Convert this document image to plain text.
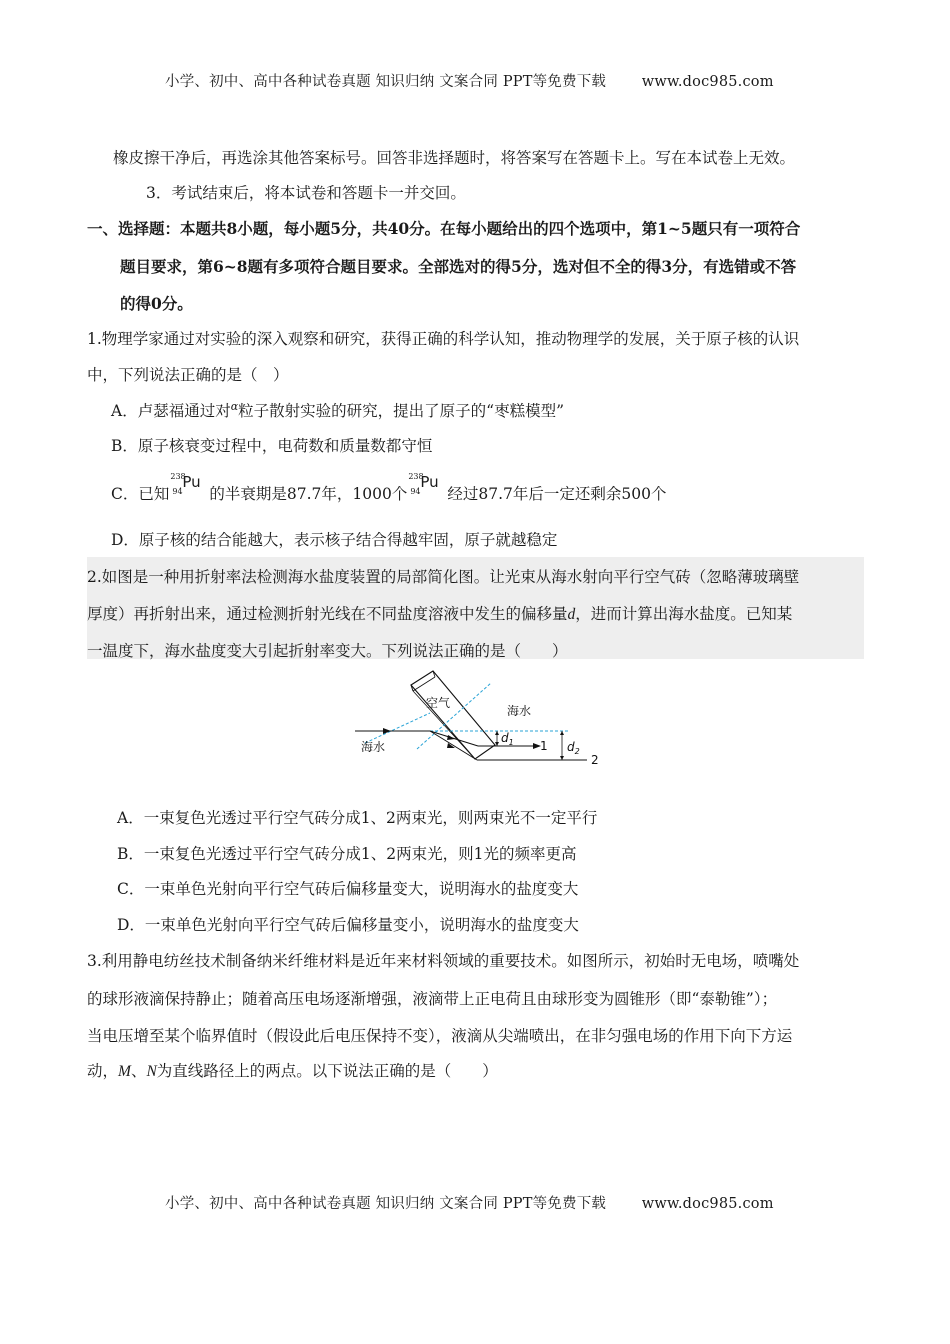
小学、初中、高中各种试卷真题 知识归纳 文案合同 PPT等免费下载 www.doc985.com
橡皮擦干净后，再选涂其他答案标号。回答非选择题时，将答案写在答题卡上。写在本试卷上无效。
3．考试结束后，将本试卷和答题卡一并交回。
一、选择题：本题共8小题，每小题5分，共40分。在每小题给出的四个选项中，第1~5题只有一项符合
题目要求，第6~8题有多项符合题目要求。全部选对的得5分，选对但不全的得3分，有选错或不答
的得0分。
1.物理学家通过对实验的深入观察和研究，获得正确的科学认知，推动物理学的发展，关于原子核的认识
中，下列说法正确的是（　）
A．卢瑟福通过对$^\alpha$粒子散射实验的研究，提出了原子的“枣糕模型”
B．原子核衰变过程中，电荷数和质量数都守恒
C．已知
238
94
Pu
的半衰期是87.7年，1000个
238
94
Pu
经过87.7年后一定还剩余500个
D．原子核的结合能越大，表示核子结合得越牢固，原子就越稳定
2.如图是一种用折射率法检测海水盐度装置的局部简化图。让光束从海水射向平行空气砖（忽略薄玻璃壁
厚度）再折射出来，通过检测折射光线在不同盐度溶液中发生的偏移量d，进而计算出海水盐度。已知某
一温度下，海水盐度变大引起折射率变大。下列说法正确的是（　　）
空气
海水
海水
$d_1$	$d_2$
1
2
A．一束复色光透过平行空气砖分成1、2两束光，则两束光不一定平行
B．一束复色光透过平行空气砖分成1、2两束光，则1光的频率更高
C．一束单色光射向平行空气砖后偏移量变大，说明海水的盐度变大
D．一束单色光射向平行空气砖后偏移量变小，说明海水的盐度变大
3.利用静电纺丝技术制备纳米纤维材料是近年来材料领域的重要技术。如图所示，初始时无电场，喷嘴处
的球形液滴保持静止；随着高压电场逐渐增强，液滴带上正电荷且由球形变为圆锥形（即“泰勒锥”）；
当电压增至某个临界值时（假设此后电压保持不变），液滴从尖端喷出，在非匀强电场的作用下向下方运
动，M、N为直线路径上的两点。以下说法正确的是（　　）
小学、初中、高中各种试卷真题 知识归纳 文案合同 PPT等免费下载 www.doc985.com
